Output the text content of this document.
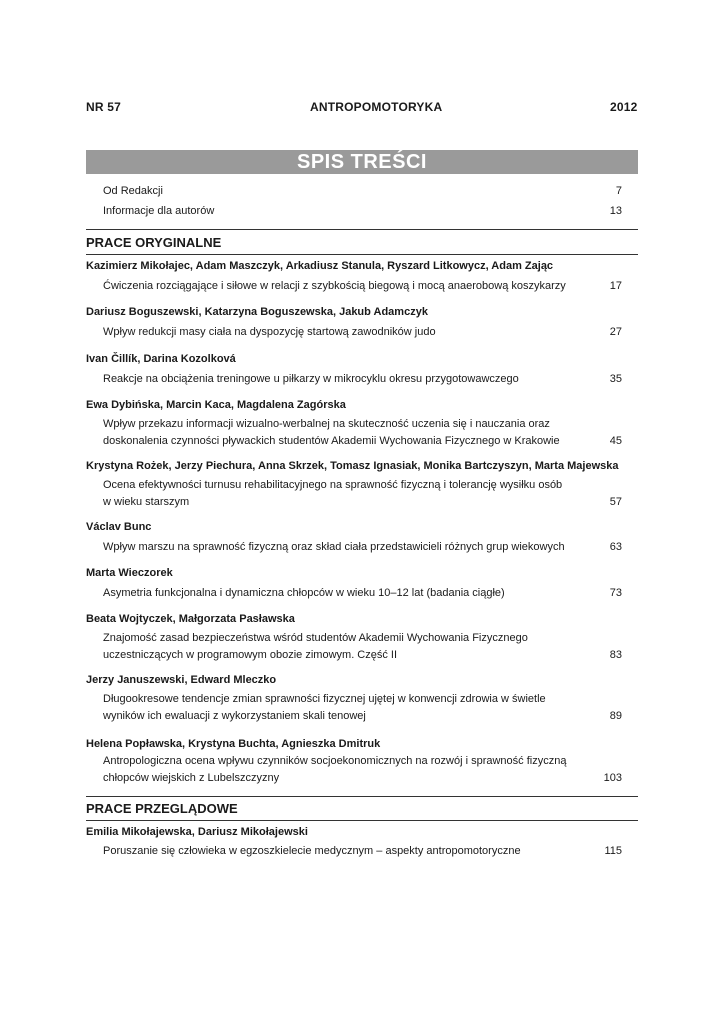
NR 57	ANTROPOMOTORYKA	2012
SPIS TREŚCI
Od Redakcji	7
Informacje dla autorów	13
PRACE ORYGINALNE
Kazimierz Mikołajec, Adam Maszczyk, Arkadiusz Stanula, Ryszard Litkowycz, Adam Zając
Ćwiczenia rozciągające i siłowe w relacji z szybkością biegową i mocą anaerobową koszykarzy	17
Dariusz Boguszewski, Katarzyna Boguszewska, Jakub Adamczyk
Wpływ redukcji masy ciała na dyspozycję startową zawodników judo	27
Ivan Čillík, Darina Kozolková
Reakcje na obciążenia treningowe u piłkarzy w mikrocyklu okresu przygotowawczego	35
Ewa Dybińska, Marcin Kaca, Magdalena Zagórska
Wpływ przekazu informacji wizualno-werbalnej na skuteczność uczenia się i nauczania oraz doskonalenia czynności pływackich studentów Akademii Wychowania Fizycznego w Krakowie	45
Krystyna Rożek, Jerzy Piechura, Anna Skrzek, Tomasz Ignasiak, Monika Bartczyszyn, Marta Majewska
Ocena efektywności turnusu rehabilitacyjnego na sprawność fizyczną i tolerancję wysiłku osób w wieku starszym	57
Václav Bunc
Wpływ marszu na sprawność fizyczną oraz skład ciała przedstawicieli różnych grup wiekowych	63
Marta Wieczorek
Asymetria funkcjonalna i dynamiczna chłopców w wieku 10–12 lat (badania ciągłe)	73
Beata Wojtyczek, Małgorzata Pasławska
Znajomość zasad bezpieczeństwa wśród studentów Akademii Wychowania Fizycznego uczestniczących w programowym obozie zimowym. Część II	83
Jerzy Januszewski, Edward Mleczko
Długookresowe tendencje zmian sprawności fizycznej ujętej w konwencji zdrowia w świetle wyników ich ewaluacji z wykorzystaniem skali tenowej	89
Helena Popławska, Krystyna Buchta, Agnieszka Dmitruk
Antropologiczna ocena wpływu czynników socjoekonomicznych na rozwój i sprawność fizyczną chłopców wiejskich z Lubelszczyzny	103
PRACE PRZEGLĄDOWE
Emilia Mikołajewska, Dariusz Mikołajewski
Poruszanie się człowieka w egzoszkielecie medycznym – aspekty antropomotoryczne	115
